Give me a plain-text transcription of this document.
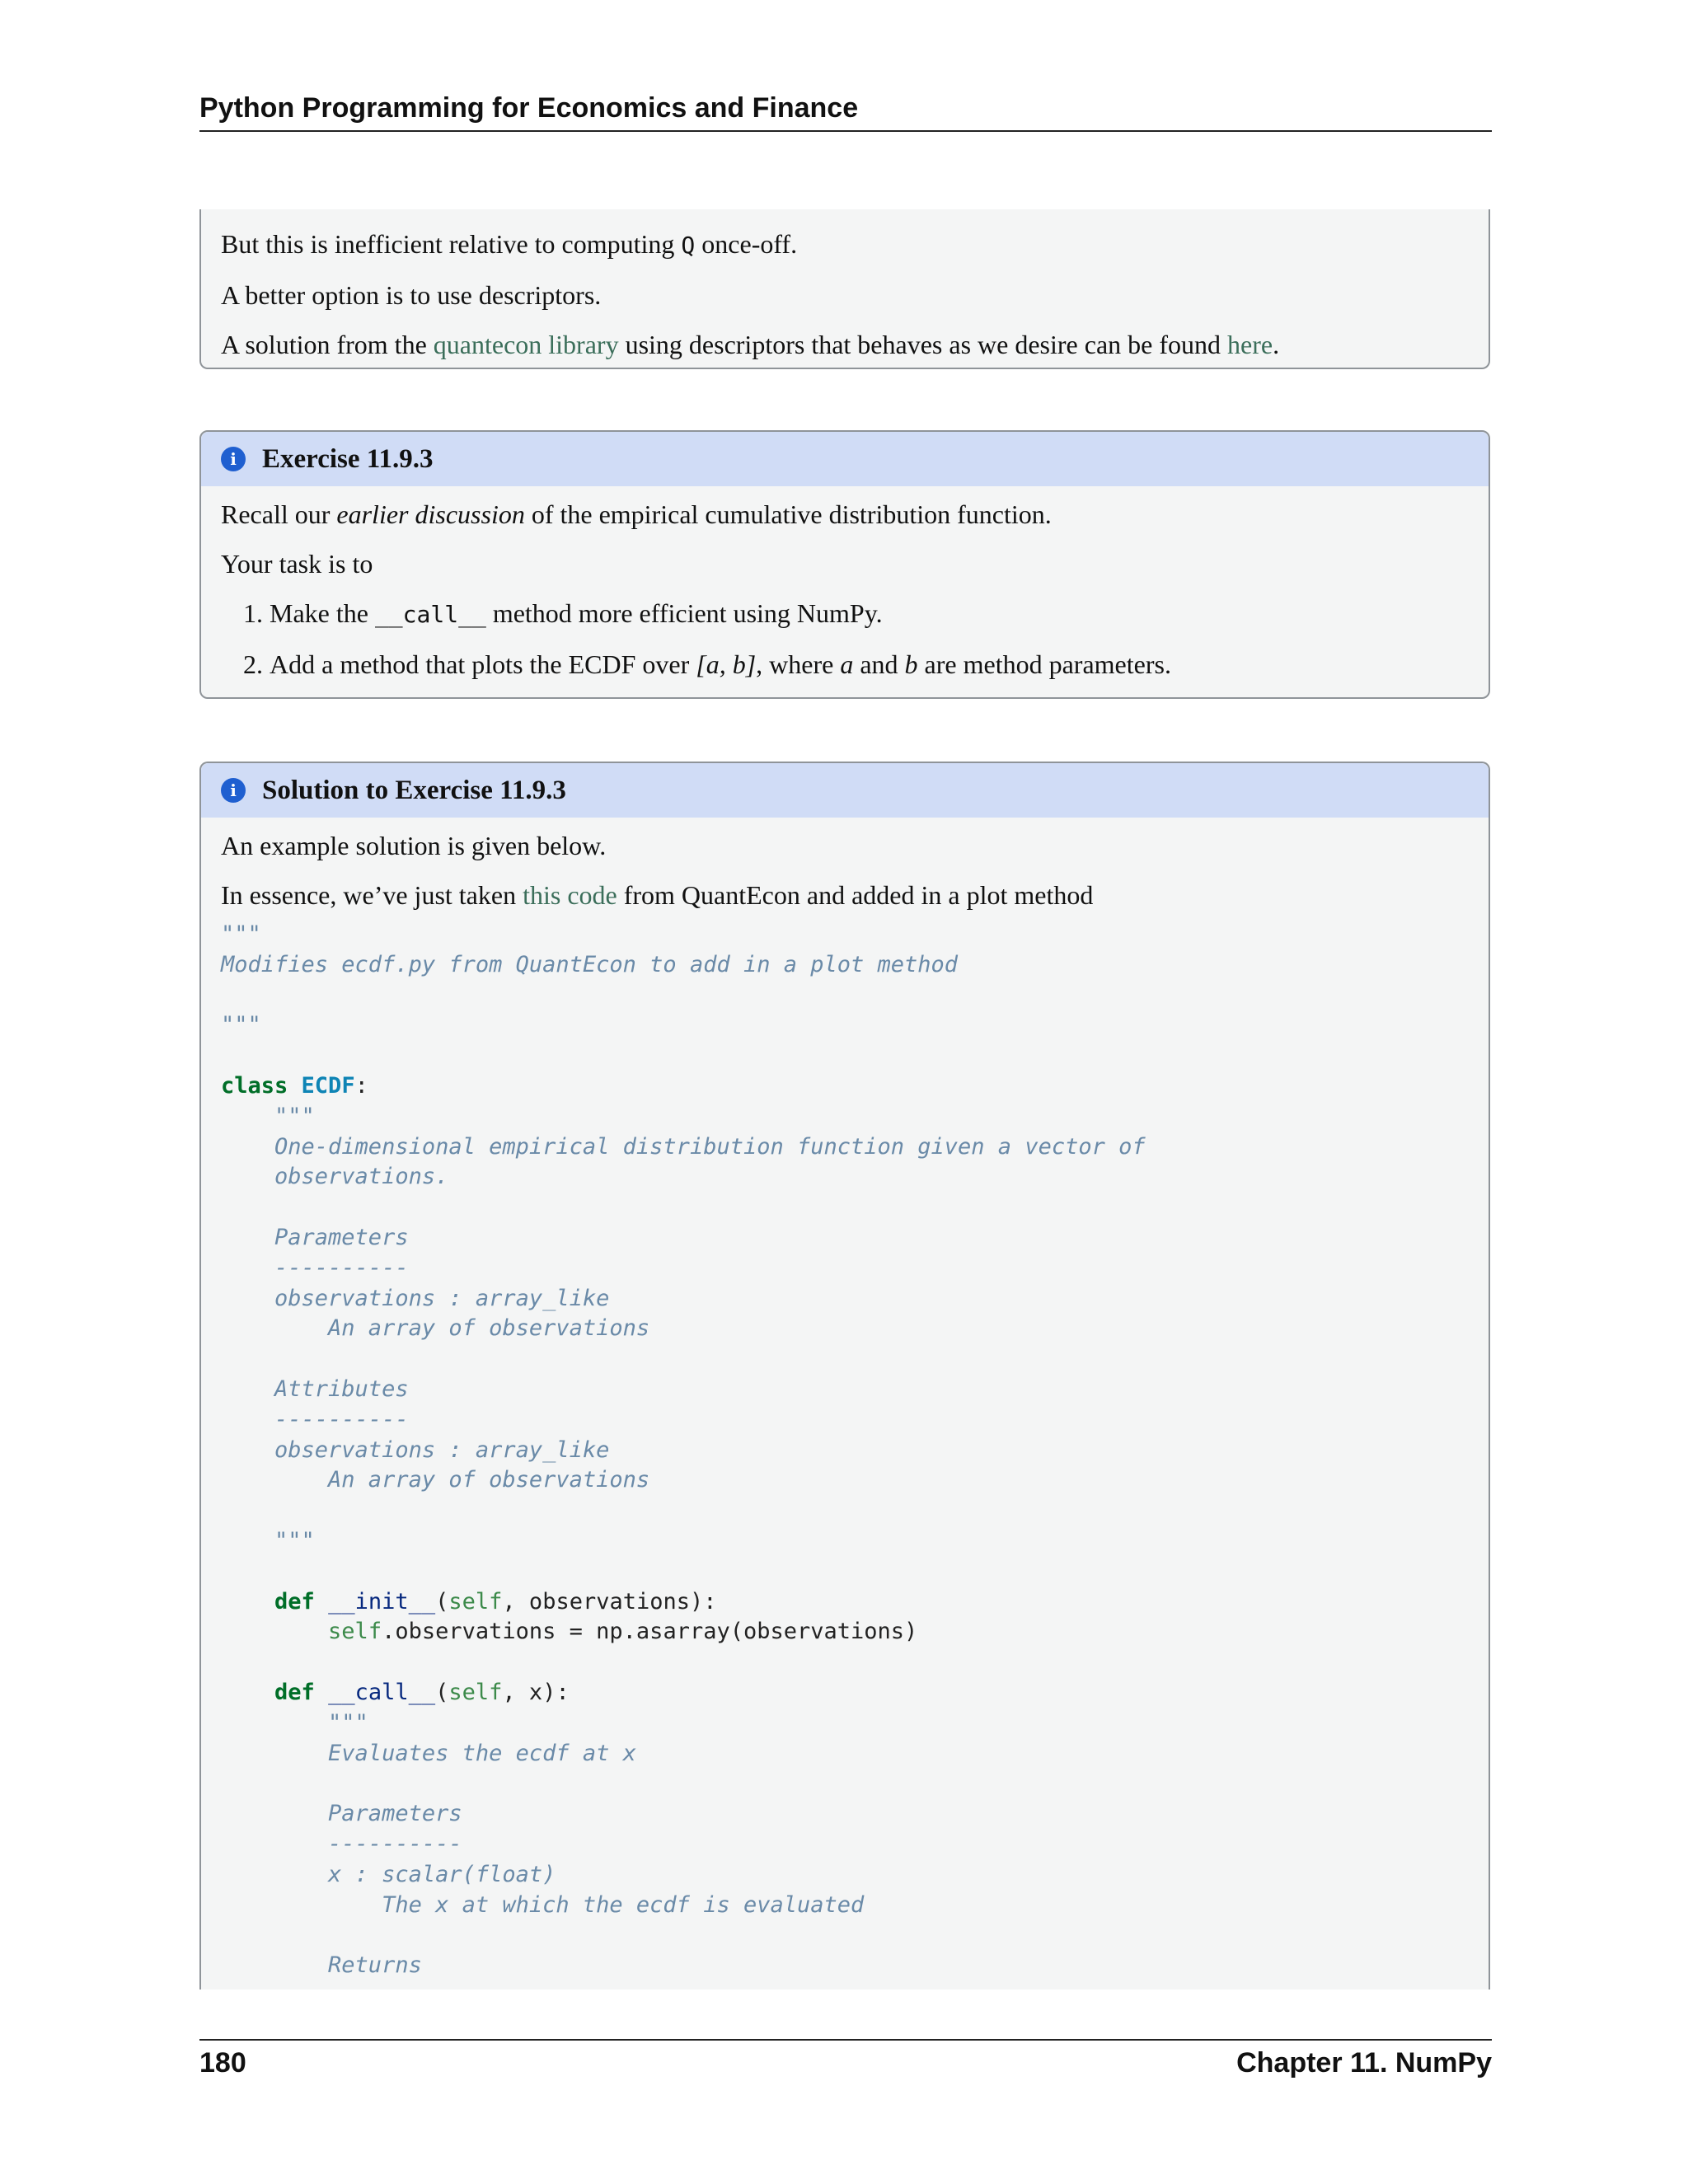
Python Programming for Economics and Finance

But this is inefficient relative to computing Q once-off.

A better option is to use descriptors.

A solution from the quantecon library using descriptors that behaves as we desire can be found here.

i Exercise 11.9.3

Recall our earlier discussion of the empirical cumulative distribution function.

Your task is to

1. Make the __call__ method more efficient using NumPy.
2. Add a method that plots the ECDF over [a, b], where a and b are method parameters.
i Solution to Exercise 11.9.3

An example solution is given below.

In essence, we’ve just taken this code from QuantEcon and added in a plot method

"""
Modifies ecdf.py from QuantEcon to add in a plot method

"""

class ECDF:
"""
One-dimensional empirical distribution function given a vector of
observations.

Parameters
----------
observations : array_like
An array of observations

Attributes
----------
observations : array_like
An array of observations

"""

def __init__(self, observations):
self.observations = np.asarray(observations)

def __call__(self, x):
"""
Evaluates the ecdf at x

Parameters
----------
x : scalar(float)
The x at which the ecdf is evaluated

Returns
180	Chapter 11. NumPy
